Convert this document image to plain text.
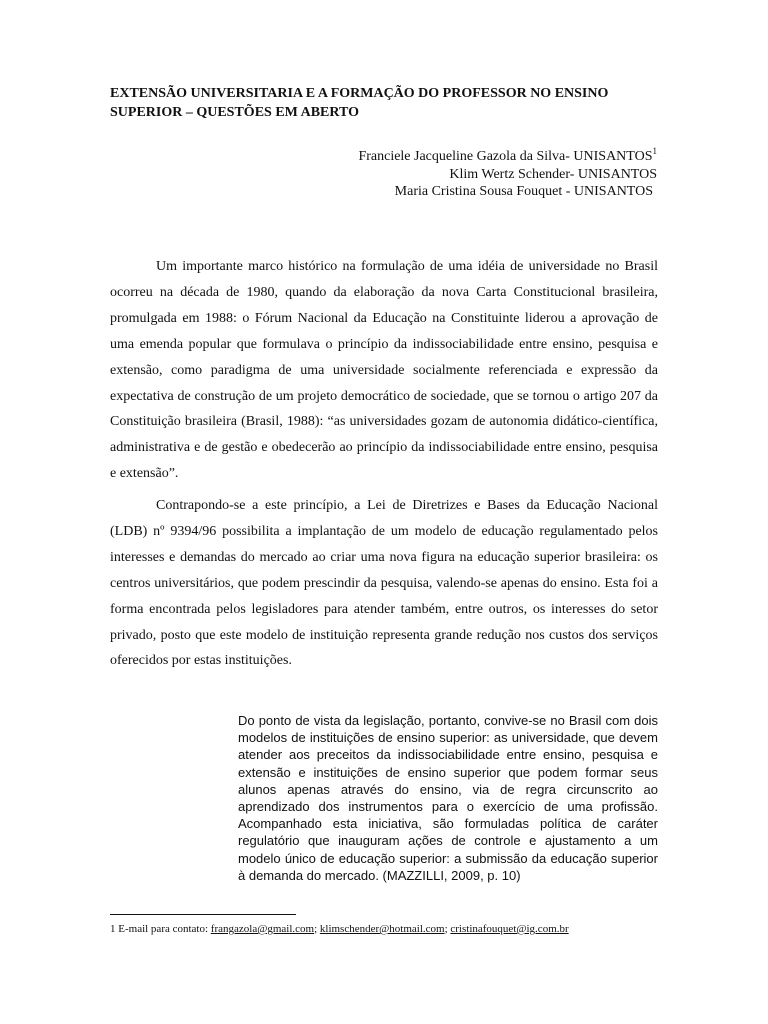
EXTENSÃO UNIVERSITARIA E A FORMAÇÃO DO PROFESSOR NO ENSINO SUPERIOR – QUESTÕES EM ABERTO
Franciele Jacqueline Gazola da Silva- UNISANTOS$^1$
Klim Wertz Schender- UNISANTOS
Maria Cristina Sousa Fouquet - UNISANTOS

Um importante marco histórico na formulação de uma idéia de universidade no Brasil ocorreu na década de 1980, quando da elaboração da nova Carta Constitucional brasileira, promulgada em 1988: o Fórum Nacional da Educação na Constituinte liderou a aprovação de uma emenda popular que formulava o princípio da indissociabilidade entre ensino, pesquisa e extensão, como paradigma de uma universidade socialmente referenciada e expressão da expectativa de construção de um projeto democrático de sociedade, que se tornou o artigo 207 da Constituição brasileira (Brasil, 1988): “as universidades gozam de autonomia didático-científica, administrativa e de gestão e obedecerão ao princípio da indissociabilidade entre ensino, pesquisa e extensão”.

Contrapondo-se a este princípio, a Lei de Diretrizes e Bases da Educação Nacional (LDB) nº 9394/96 possibilita a implantação de um modelo de educação regulamentado pelos interesses e demandas do mercado ao criar uma nova figura na educação superior brasileira: os centros universitários, que podem prescindir da pesquisa, valendo-se apenas do ensino. Esta foi a forma encontrada pelos legisladores para atender também, entre outros, os interesses do setor privado, posto que este modelo de instituição representa grande redução nos custos dos serviços oferecidos por estas instituições.

Do ponto de vista da legislação, portanto, convive-se no Brasil com dois modelos de instituições de ensino superior: as universidade, que devem atender aos preceitos da indissociabilidade entre ensino, pesquisa e extensão e instituições de ensino superior que podem formar seus alunos apenas através do ensino, via de regra circunscrito ao aprendizado dos instrumentos para o exercício de uma profissão. Acompanhado esta iniciativa, são formuladas política de caráter regulatório que inauguram ações de controle e ajustamento a um modelo único de educação superior: a submissão da educação superior à demanda do mercado. (MAZZILLI, 2009, p. 10)

1 E-mail para contato: frangazola@gmail.com; klimschender@hotmail.com; cristinafouquet@ig.com.br
